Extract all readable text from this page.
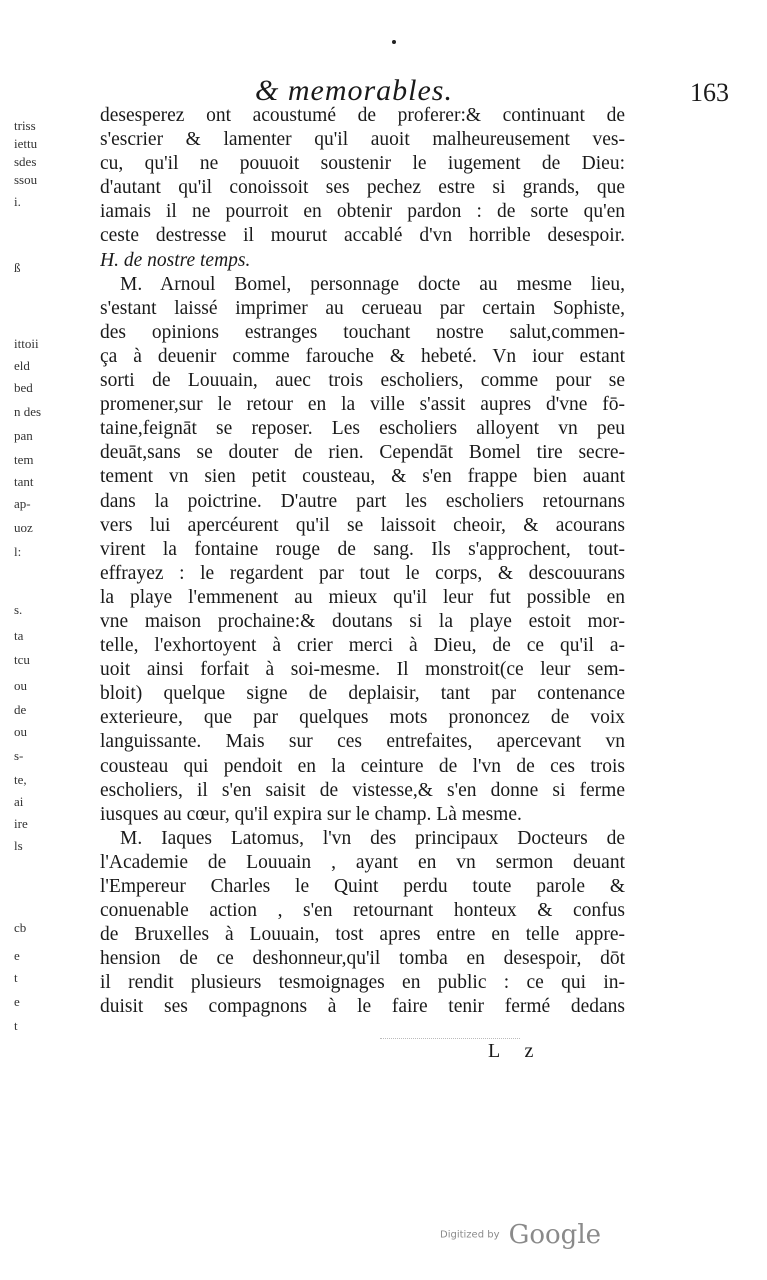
& memorables.	163
triss
iettu
sdes
ssou
i.
ß
ittoii
eld
bed
n des
pan
tem
tant
ap-
uoz
l:
s.
ta
tcu
ou
de
ou
s-
te,
ai
ire
ls
cb
e
t
e
t
desesperez ont acoustumé de proferer:& continuant de
s'escrier & lamenter qu'il auoit malheureusement ves-
cu, qu'il ne pouuoit soustenir le iugement de Dieu:
d'autant qu'il conoissoit ses pechez estre si grands, que
iamais il ne pourroit en obtenir pardon : de sorte qu'en
ceste destresse il mourut accablé d'vn horrible desespoir.
H. de nostre temps.
M. Arnoul Bomel, personnage docte au mesme lieu,
s'estant laissé imprimer au cerueau par certain Sophiste,
des opinions estranges touchant nostre salut,commen-
ça à deuenir comme farouche & hebeté. Vn iour estant
sorti de Louuain, auec trois escholiers, comme pour se
promener,sur le retour en la ville s'assit aupres d'vne fō-
taine,feignāt se reposer. Les escholiers alloyent vn peu
deuāt,sans se douter de rien. Cependāt Bomel tire secre-
tement vn sien petit cousteau, & s'en frappe bien auant
dans la poictrine. D'autre part les escholiers retournans
vers lui apercéurent qu'il se laissoit cheoir, & acourans
virent la fontaine rouge de sang. Ils s'approchent, tout-
effrayez : le regardent par tout le corps, & descouurans
la playe l'emmenent au mieux qu'il leur fut possible en
vne maison prochaine:& doutans si la playe estoit mor-
telle, l'exhortoyent à crier merci à Dieu, de ce qu'il a-
uoit ainsi forfait à soi-mesme. Il monstroit(ce leur sem-
bloit) quelque signe de deplaisir, tant par contenance
exterieure, que par quelques mots prononcez de voix
languissante. Mais sur ces entrefaites, apercevant vn
cousteau qui pendoit en la ceinture de l'vn de ces trois
escholiers, il s'en saisit de vistesse,& s'en donne si ferme
iusques au cœur, qu'il expira sur le champ. Là mesme.
M. Iaques Latomus, l'vn des principaux Docteurs de
l'Academie de Louuain , ayant en vn sermon deuant
l'Empereur Charles le Quint perdu toute parole &
conuenable action , s'en retournant honteux & confus
de Bruxelles à Louuain, tost apres entre en telle appre-
hension de ce deshonneur,qu'il tomba en desespoir, dōt
il rendit plusieurs tesmoignages en public : ce qui in-
duisit ses compagnons à le faire tenir fermé dedans
L z
Digitized by Google
